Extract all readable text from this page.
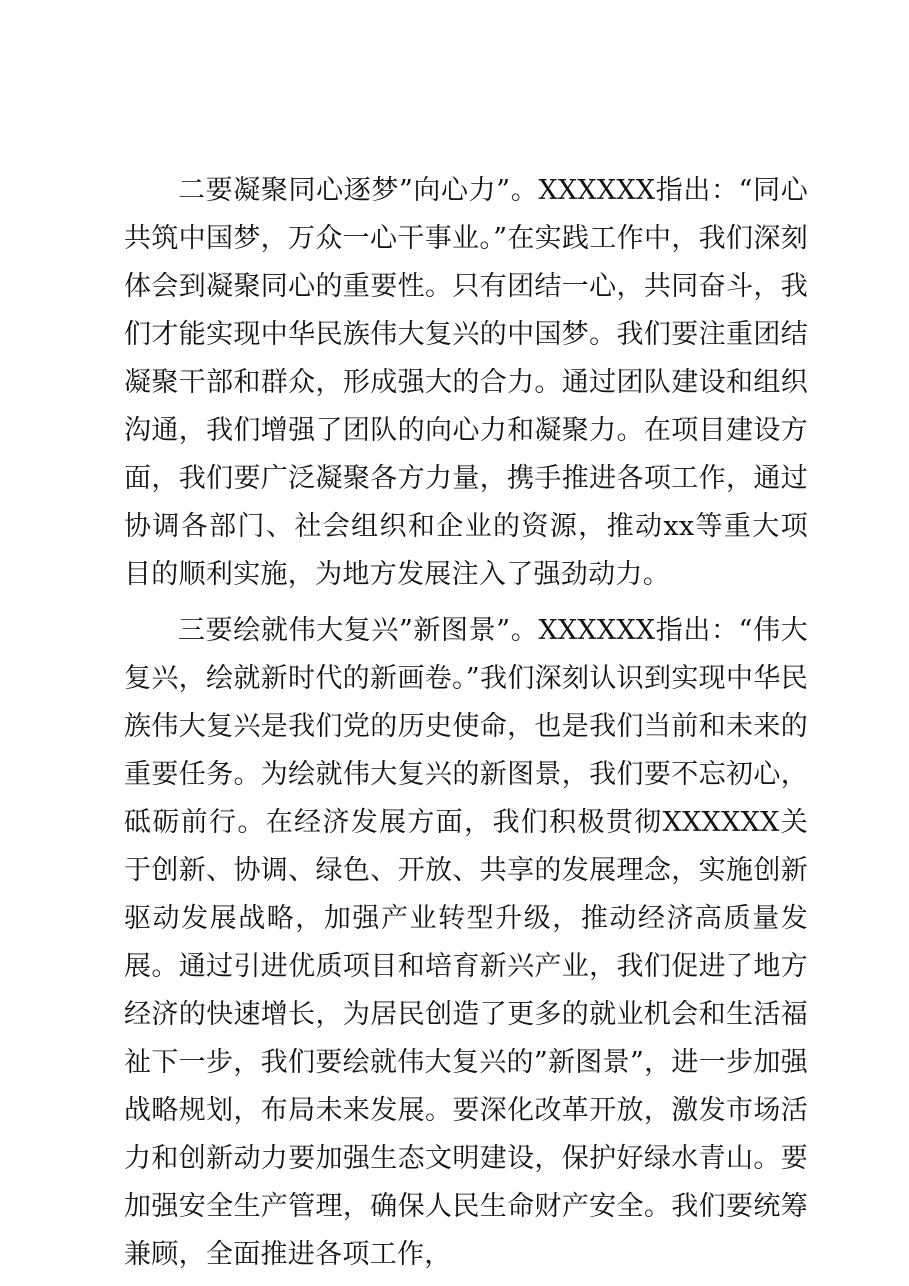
二要凝聚同心逐梦”向心力”。XXXXXX指出：“同心共筑中国梦，万众一心干事业。”在实践工作中，我们深刻体会到凝聚同心的重要性。只有团结一心，共同奋斗，我们才能实现中华民族伟大复兴的中国梦。我们要注重团结凝聚干部和群众，形成强大的合力。通过团队建设和组织沟通，我们增强了团队的向心力和凝聚力。在项目建设方面，我们要广泛凝聚各方力量，携手推进各项工作，通过协调各部门、社会组织和企业的资源，推动xx等重大项目的顺利实施，为地方发展注入了强劲动力。

三要绘就伟大复兴”新图景”。XXXXXX指出：“伟大复兴，绘就新时代的新画卷。”我们深刻认识到实现中华民族伟大复兴是我们党的历史使命，也是我们当前和未来的重要任务。为绘就伟大复兴的新图景，我们要不忘初心，砥砺前行。在经济发展方面，我们积极贯彻XXXXXX关于创新、协调、绿色、开放、共享的发展理念，实施创新驱动发展战略，加强产业转型升级，推动经济高质量发展。通过引进优质项目和培育新兴产业，我们促进了地方经济的快速增长，为居民创造了更多的就业机会和生活福祉下一步，我们要绘就伟大复兴的”新图景”，进一步加强战略规划，布局未来发展。要深化改革开放，激发市场活力和创新动力要加强生态文明建设，保护好绿水青山。要加强安全生产管理，确保人民生命财产安全。我们要统筹兼顾，全面推进各项工作，
